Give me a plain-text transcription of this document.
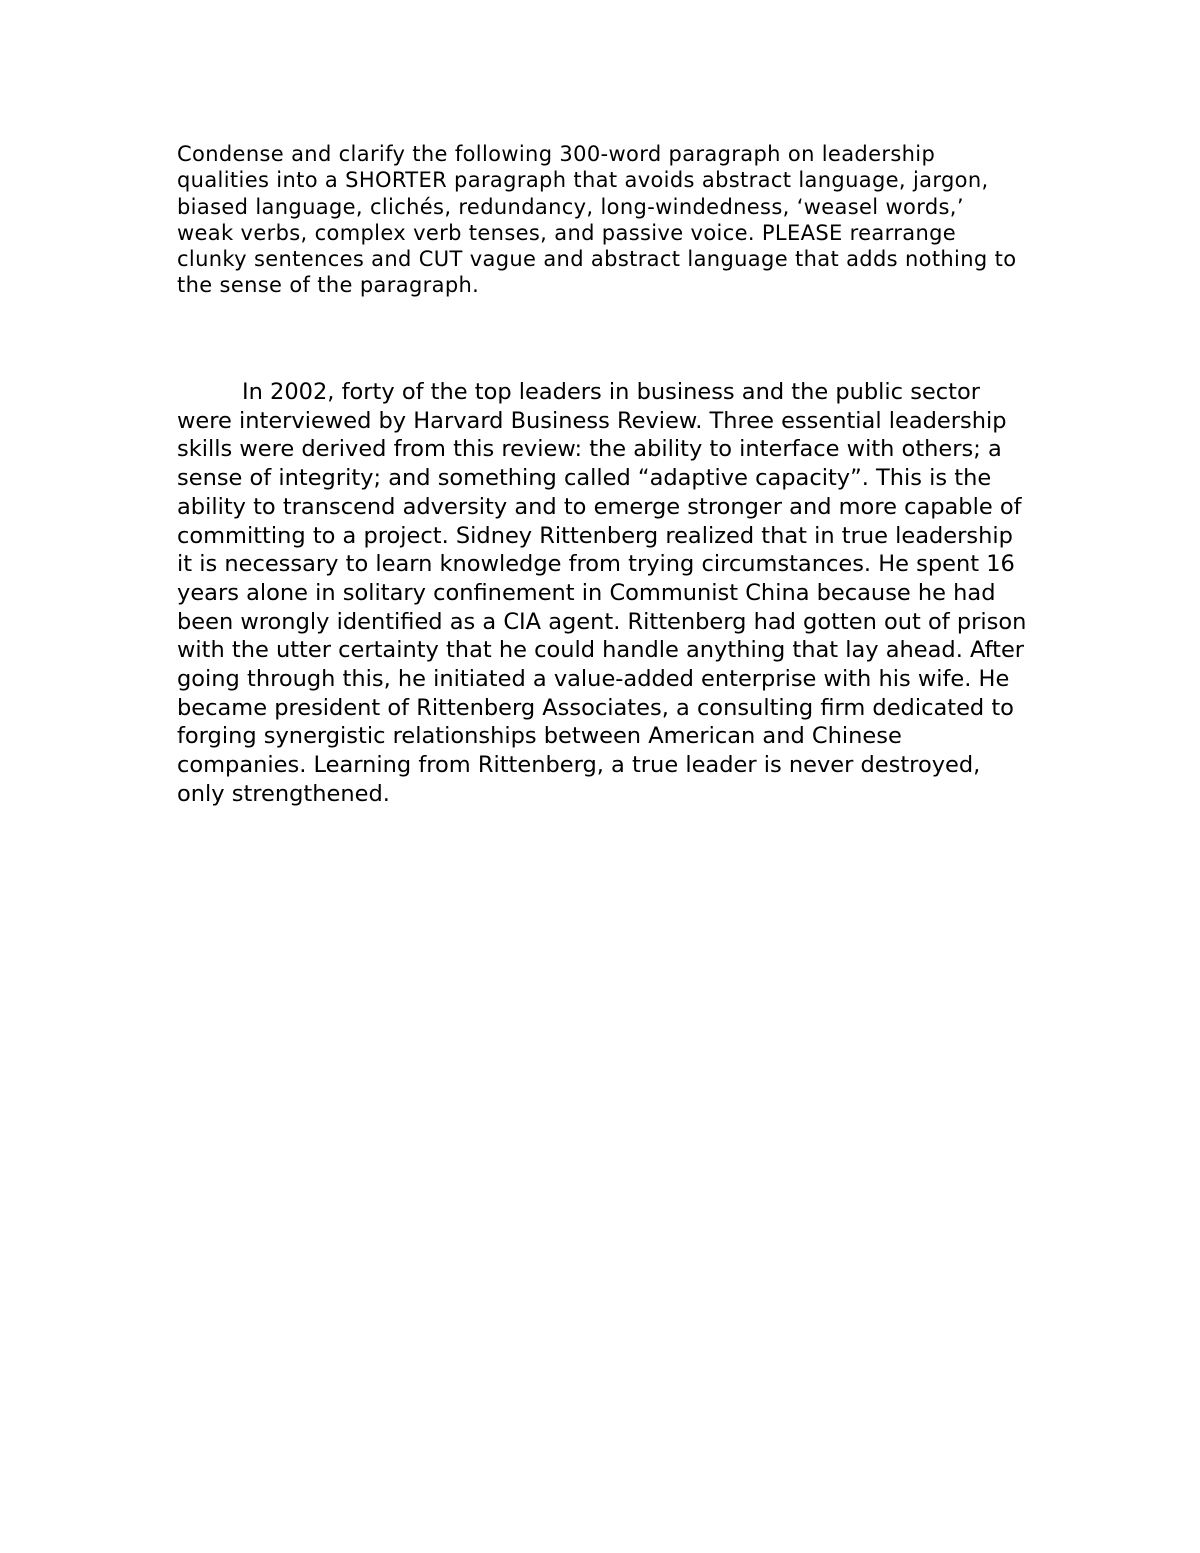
Condense and clarify the following 300-word paragraph on leadership qualities into a SHORTER paragraph that avoids abstract language, jargon, biased language, clichés, redundancy, long-windedness, ‘weasel words,’ weak verbs, complex verb tenses, and passive voice. PLEASE rearrange clunky sentences and CUT vague and abstract language that adds nothing to the sense of the paragraph.

In 2002, forty of the top leaders in business and the public sector were interviewed by Harvard Business Review. Three essential leadership skills were derived from this review: the ability to interface with others; a sense of integrity; and something called “adaptive capacity”. This is the ability to transcend adversity and to emerge stronger and more capable of committing to a project. Sidney Rittenberg realized that in true leadership it is necessary to learn knowledge from trying circumstances. He spent 16 years alone in solitary confinement in Communist China because he had been wrongly identified as a CIA agent. Rittenberg had gotten out of prison with the utter certainty that he could handle anything that lay ahead. After going through this, he initiated a value-added enterprise with his wife. He became president of Rittenberg Associates, a consulting firm dedicated to forging synergistic relationships between American and Chinese companies. Learning from Rittenberg, a true leader is never destroyed, only strengthened.
